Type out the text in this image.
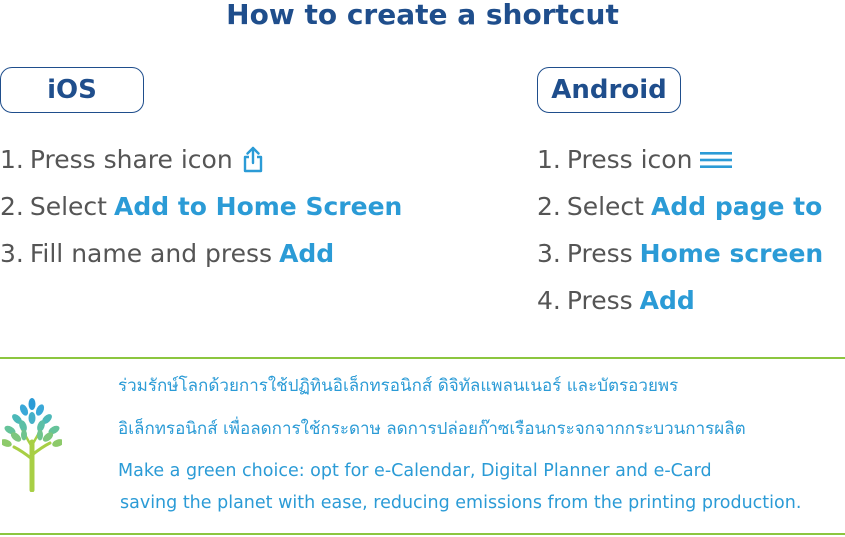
How to create a shortcut
iOS	Android
1. Press share icon
2. Select Add to Home Screen
3. Fill name and press Add
1. Press icon
2. Select Add page to
3. Press Home screen
4. Press Add
ร่วมรักษ์โลกด้วยการใช้ปฏิทินอิเล็กทรอนิกส์ ดิจิทัลแพลนเนอร์ และบัตรอวยพร
อิเล็กทรอนิกส์ เพื่อลดการใช้กระดาษ ลดการปล่อยก๊าซเรือนกระจกจากกระบวนการผลิต
Make a green choice: opt for e-Calendar, Digital Planner and e-Card
saving the planet with ease, reducing emissions from the printing production.
